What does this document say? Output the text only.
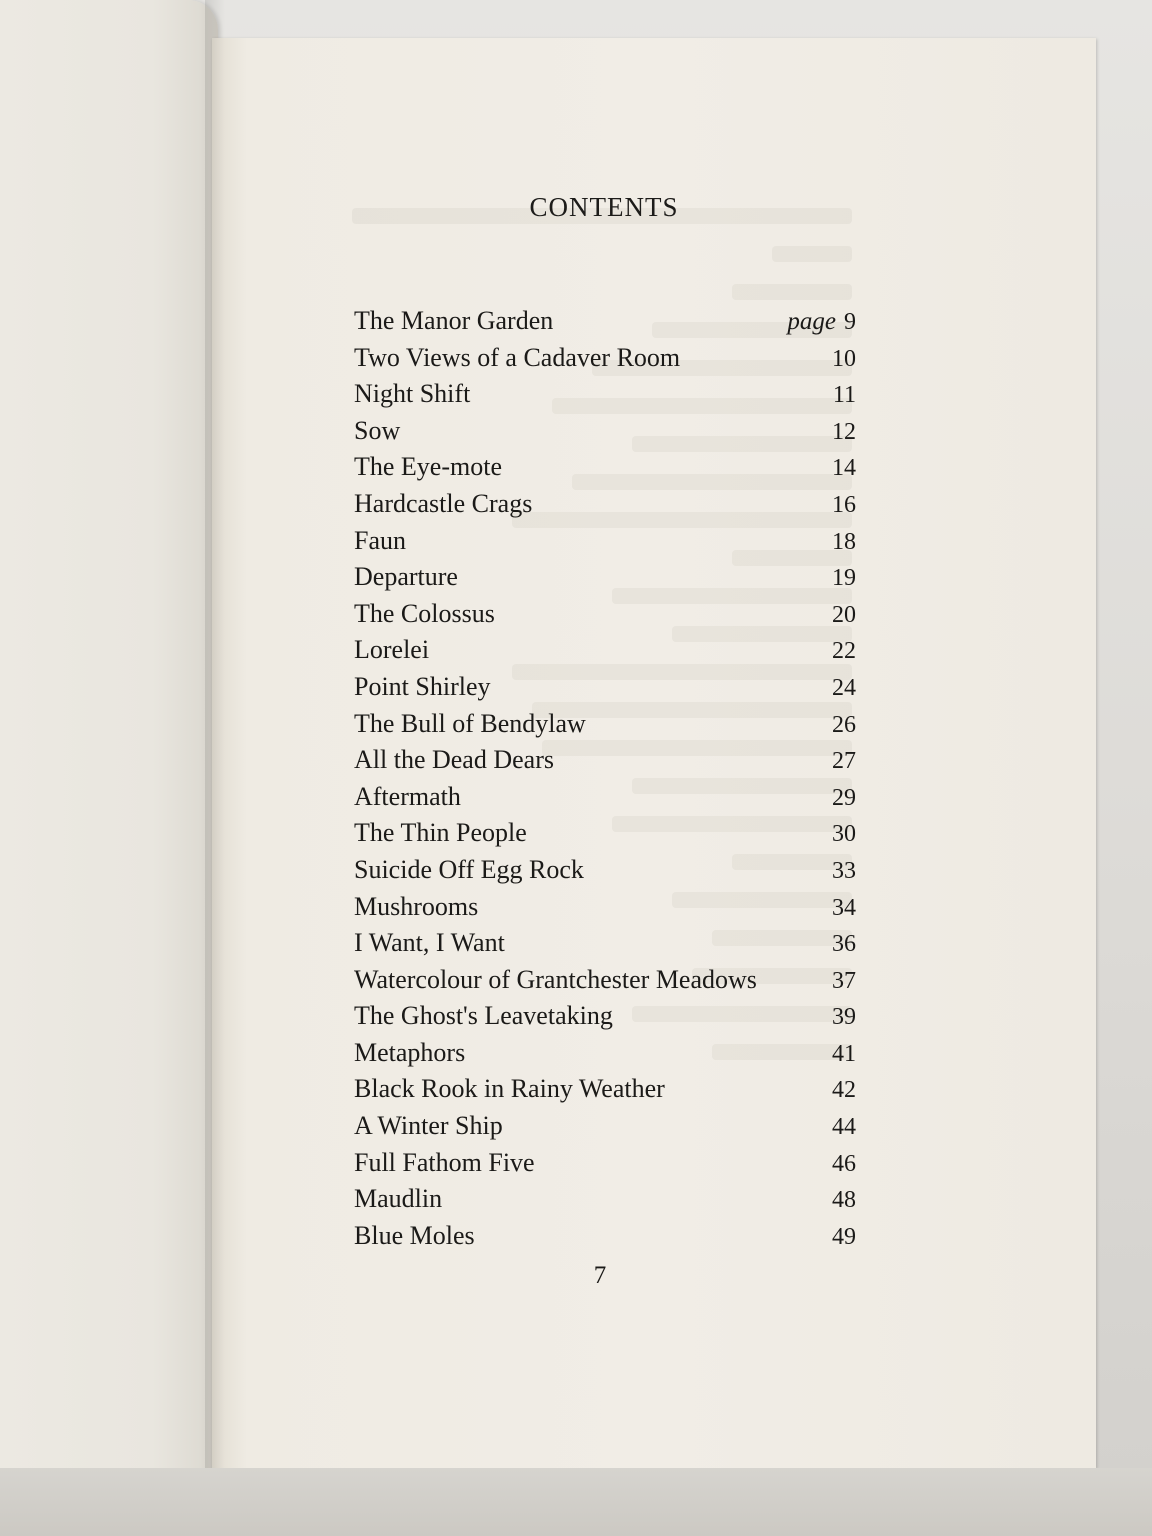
CONTENTS
The Manor Garden	page 9
Two Views of a Cadaver Room	10
Night Shift	11
Sow	12
The Eye-mote	14
Hardcastle Crags	16
Faun	18
Departure	19
The Colossus	20
Lorelei	22
Point Shirley	24
The Bull of Bendylaw	26
All the Dead Dears	27
Aftermath	29
The Thin People	30
Suicide Off Egg Rock	33
Mushrooms	34
I Want, I Want	36
Watercolour of Grantchester Meadows	37
The Ghost's Leavetaking	39
Metaphors	41
Black Rook in Rainy Weather	42
A Winter Ship	44
Full Fathom Five	46
Maudlin	48
Blue Moles	49
7
